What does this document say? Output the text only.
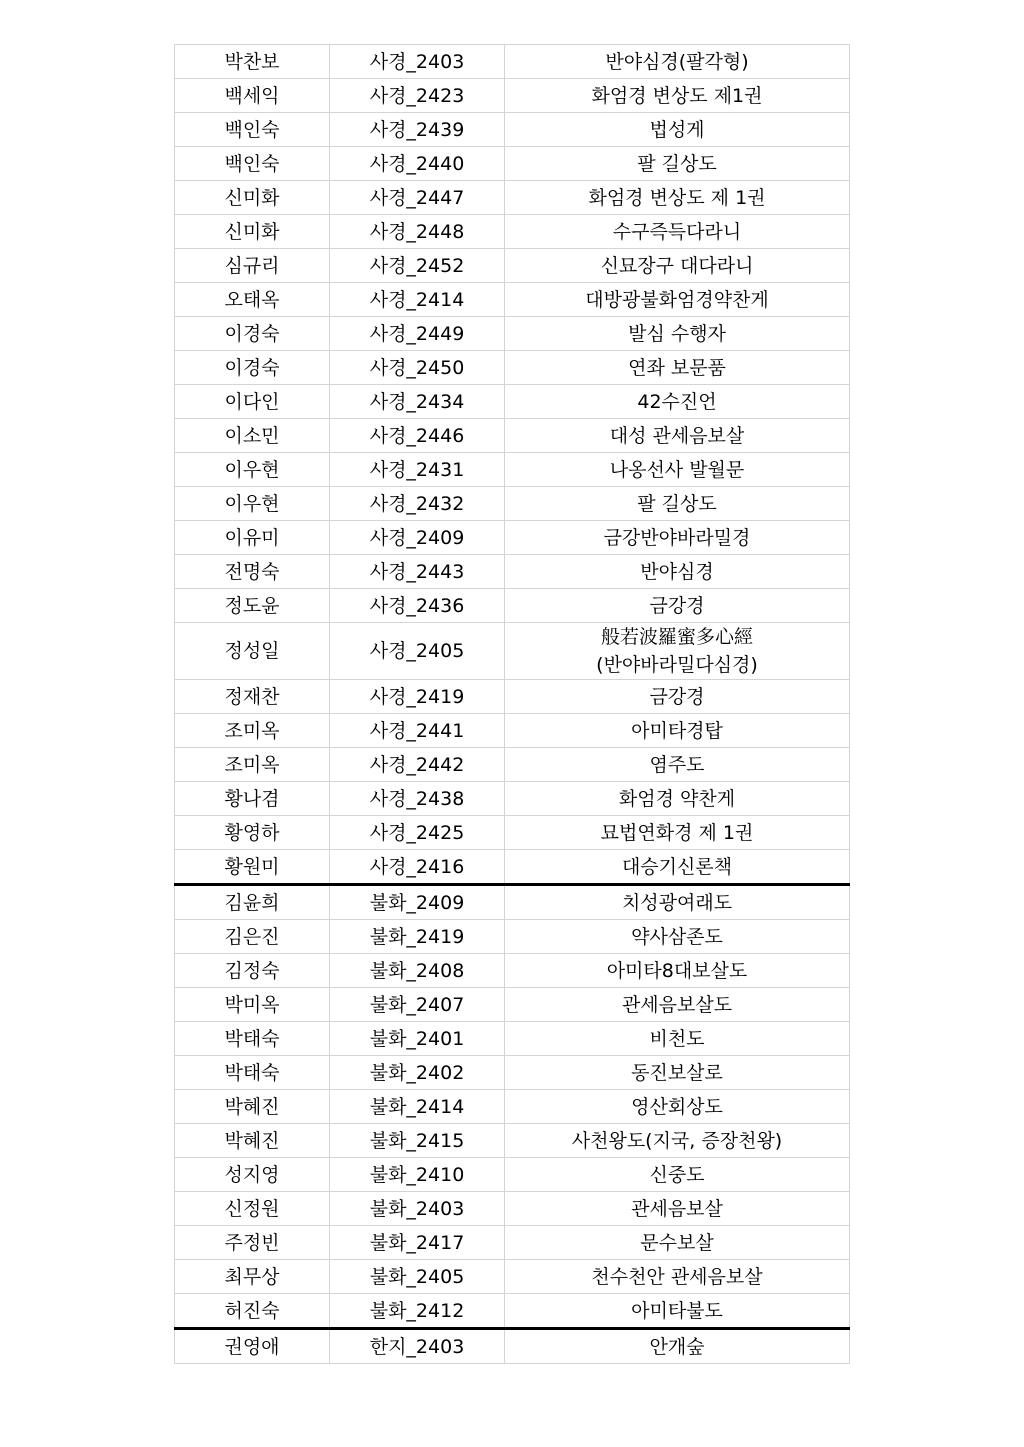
박찬보	사경_2403	반야심경(팔각형)
백세익	사경_2423	화엄경 변상도 제1권
백인숙	사경_2439	법성게
백인숙	사경_2440	팔 길상도
신미화	사경_2447	화엄경 변상도 제 1권
신미화	사경_2448	수구즉득다라니
심규리	사경_2452	신묘장구 대다라니
오태옥	사경_2414	대방광불화엄경약찬게
이경숙	사경_2449	발심 수행자
이경숙	사경_2450	연좌 보문품
이다인	사경_2434	42수진언
이소민	사경_2446	대성 관세음보살
이우현	사경_2431	나옹선사 발월문
이우현	사경_2432	팔 길상도
이유미	사경_2409	금강반야바라밀경
전명숙	사경_2443	반야심경
정도윤	사경_2436	금강경
정성일	사경_2405	般若波羅蜜多心經
(반야바라밀다심경)

정재찬	사경_2419	금강경
조미옥	사경_2441	아미타경탑
조미옥	사경_2442	염주도
황나겸	사경_2438	화엄경 약찬게
황영하	사경_2425	묘법연화경 제 1권
황원미	사경_2416	대승기신론책
김윤희	불화_2409	치성광여래도
김은진	불화_2419	약사삼존도
김정숙	불화_2408	아미타8대보살도
박미옥	불화_2407	관세음보살도
박태숙	불화_2401	비천도
박태숙	불화_2402	동진보살로
박혜진	불화_2414	영산회상도
박혜진	불화_2415	사천왕도(지국, 증장천왕)
성지영	불화_2410	신중도
신정원	불화_2403	관세음보살
주정빈	불화_2417	문수보살
최무상	불화_2405	천수천안 관세음보살
허진숙	불화_2412	아미타불도
권영애	한지_2403	안개숲
